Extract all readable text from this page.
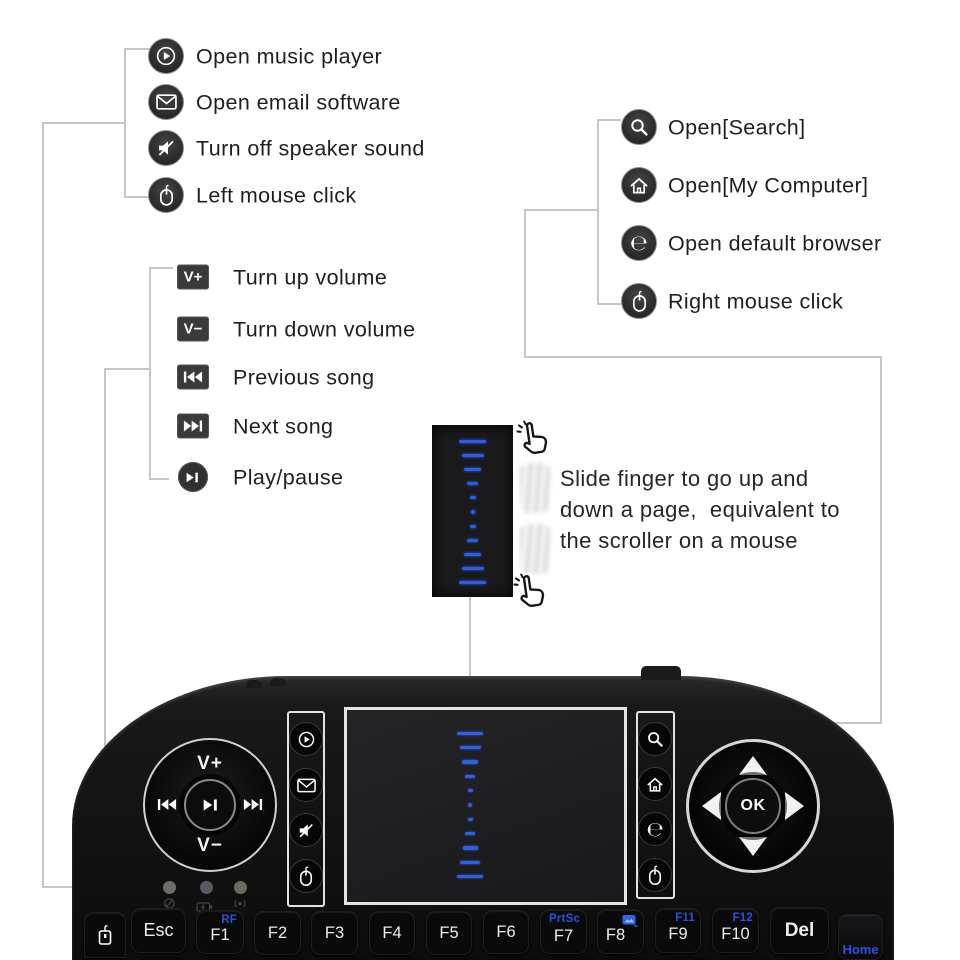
Open music player
Open email software
Turn off speaker sound
Left mouse click
Open[Search]
Open[My Computer]
℮ Open default browser
Right mouse click
V+	Turn up volume
V−	Turn down volume
Previous song
Next song
Play/pause	Slide finger to go up and
down a page,  equivalent to
the scroller on a mouse
V+
V−
℮
OK
Esc	F1
RF
F2	F3	F4	F5	F6	F7
PrtSc
F8	F9
F11
F10
F12
Del
Home
